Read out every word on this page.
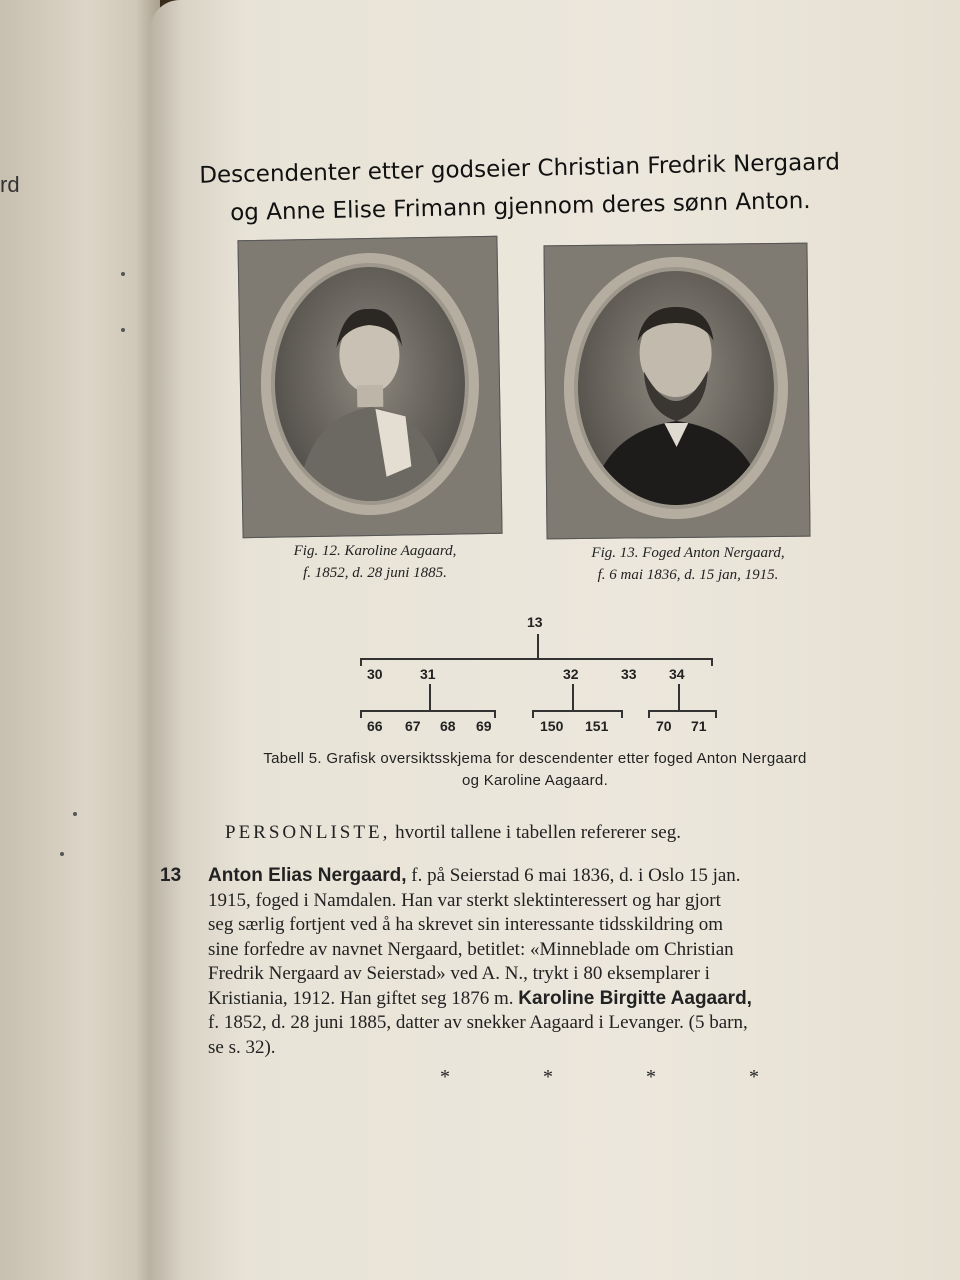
rd	Descendenter etter godseier Christian Fredrik Nergaard
og Anne Elise Frimann gjennom deres sønn Anton.
Fig. 12. Karoline Aagaard,
f. 1852, d. 28 juni 1885.
Fig. 13. Foged Anton Nergaard,
f. 6 mai 1836, d. 15 jan, 1915.
13
30	31	32	33 34
66 67 68 69	150 151	70 71
Tabell 5. Grafisk oversiktsskjema for descendenter etter foged Anton Nergaard
og Karoline Aagaard.
PERSONLISTE, hvortil tallene i tabellen refererer seg.
13 Anton Elias Nergaard, f. på Seierstad 6 mai 1836, d. i Oslo 15 jan.
1915, foged i Namdalen. Han var sterkt slektinteressert og har gjort
seg særlig fortjent ved å ha skrevet sin interessante tidsskildring om
sine forfedre av navnet Nergaard, betitlet: «Minneblade om Christian
Fredrik Nergaard av Seierstad» ved A. N., trykt i 80 eksemplarer i
Kristiania, 1912. Han giftet seg 1876 m. Karoline Birgitte Aagaard,
f. 1852, d. 28 juni 1885, datter av snekker Aagaard i Levanger. (5 barn,
se s. 32).
* * * *
